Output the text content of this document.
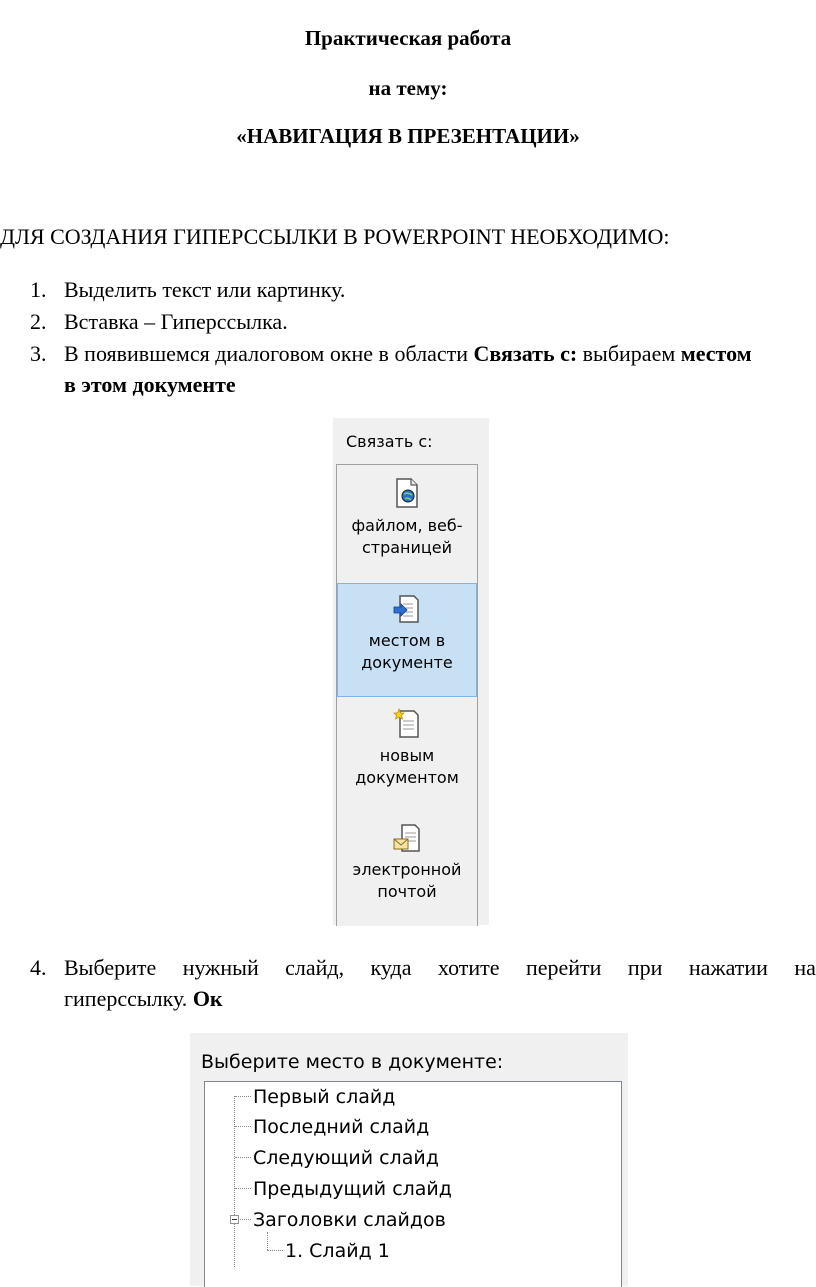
Практическая работа
на тему:
«НАВИГАЦИЯ В ПРЕЗЕНТАЦИИ»
ДЛЯ СОЗДАНИЯ ГИПЕРССЫЛКИ В POWERPOINT НЕОБХОДИМО:
1. Выделить текст или картинку.
2. Вставка – Гиперссылка.
3. В появившемся диалоговом окне в области Связать с: выбираем местом
в этом документе
Связать с:
файлом, веб-
страницей
местом в
документе
новым
документом
электронной
почтой
4. Выберите нужный слайд, куда хотите перейти при нажатии на
гиперссылку. Ок
Выберите место в документе:
Первый слайд
Последний слайд
Следующий слайд
Предыдущий слайд
Заголовки слайдов
1. Слайд 1
